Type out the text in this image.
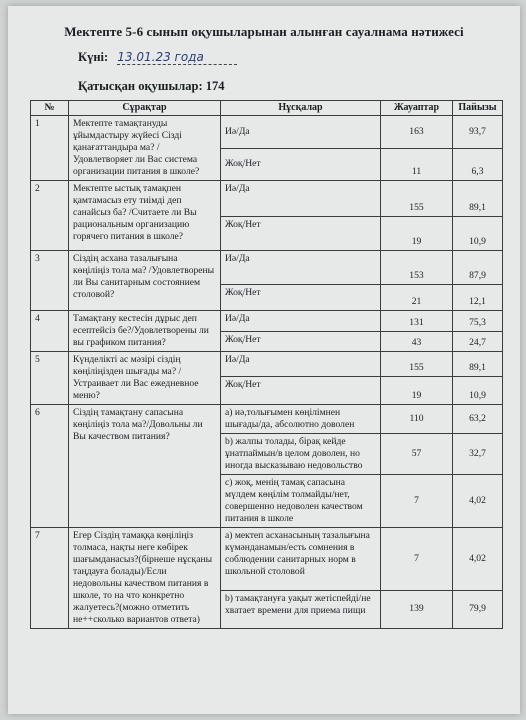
Мектепте 5-6 сынып оқушыларынан алынған сауалнама нәтижесі
Күні: 13.01.23 года
Қатысқан оқушылар: 174
№	Сұрақтар	Нұсқалар	Жауаптар	Пайызы
1	Мектепте тамақтануды ұйымдастыру жүйесі Сізді қанағаттандыра ма? /Удовлетворяет ли Вас система организации питания в школе?	Иә/Да	163	93,7
		Жоқ/Нет	11	6,3
2	Мектепте ыстық тамақпен қамтамасыз ету тиімді деп санайсыз ба? /Считаете ли Вы рациональным организацию горячего питания в школе?	Иә/Да	155	89,1
		Жоқ/Нет	19	10,9
3	Сіздің асхана тазалығына көңіліңіз тола ма? /Удовлетворены ли Вы санитарным состоянием столовой?	Иә/Да	153	87,9
		Жоқ/Нет	21	12,1
4	Тамақтану кестесін дұрыс деп есептейсіз бе?/Удовлетворены ли вы графиком питания?	Иә/Да	131	75,3
		Жоқ/Нет	43	24,7
5	Күнделікті ас мәзірі сіздің көңіліңізден шығады ма? /Устраивает ли Вас ежедневное меню?	Иә/Да	155	89,1
		Жоқ/Нет	19	10,9
6	Сіздің тамақтану сапасына көңіліңіз тола ма?/Довольны ли Вы качеством питания?	a) иә,толығымен көңілімнен шығады/да, абсолютно доволен	110	63,2
		b) жалпы толады, бірақ кейде ұнатпаймын/в целом доволен, но иногда высказываю недовольство	57	32,7
		c) жоқ, менің тамақ сапасына мүлдем көңілім толмайды/нет, совершенно недоволен качеством питания в школе	7	4,02
7	Егер Сіздің тамаққа көңіліңіз толмаса, нақты неге көбірек шағымданасыз?(бірнеше нұсқаны таңдауға болады)/Если недовольны качеством питания в школе, то на что конкретно жалуетесь?(можно отметить не++сколько вариантов ответа)	a) мектеп асханасының тазалығына күмәнданамын/есть сомнения в соблюдении санитарных норм в школьной столовой	7	4,02
		b) тамақтануға уақыт жетіспейді/не хватает времени для приема пищи	139	79,9
